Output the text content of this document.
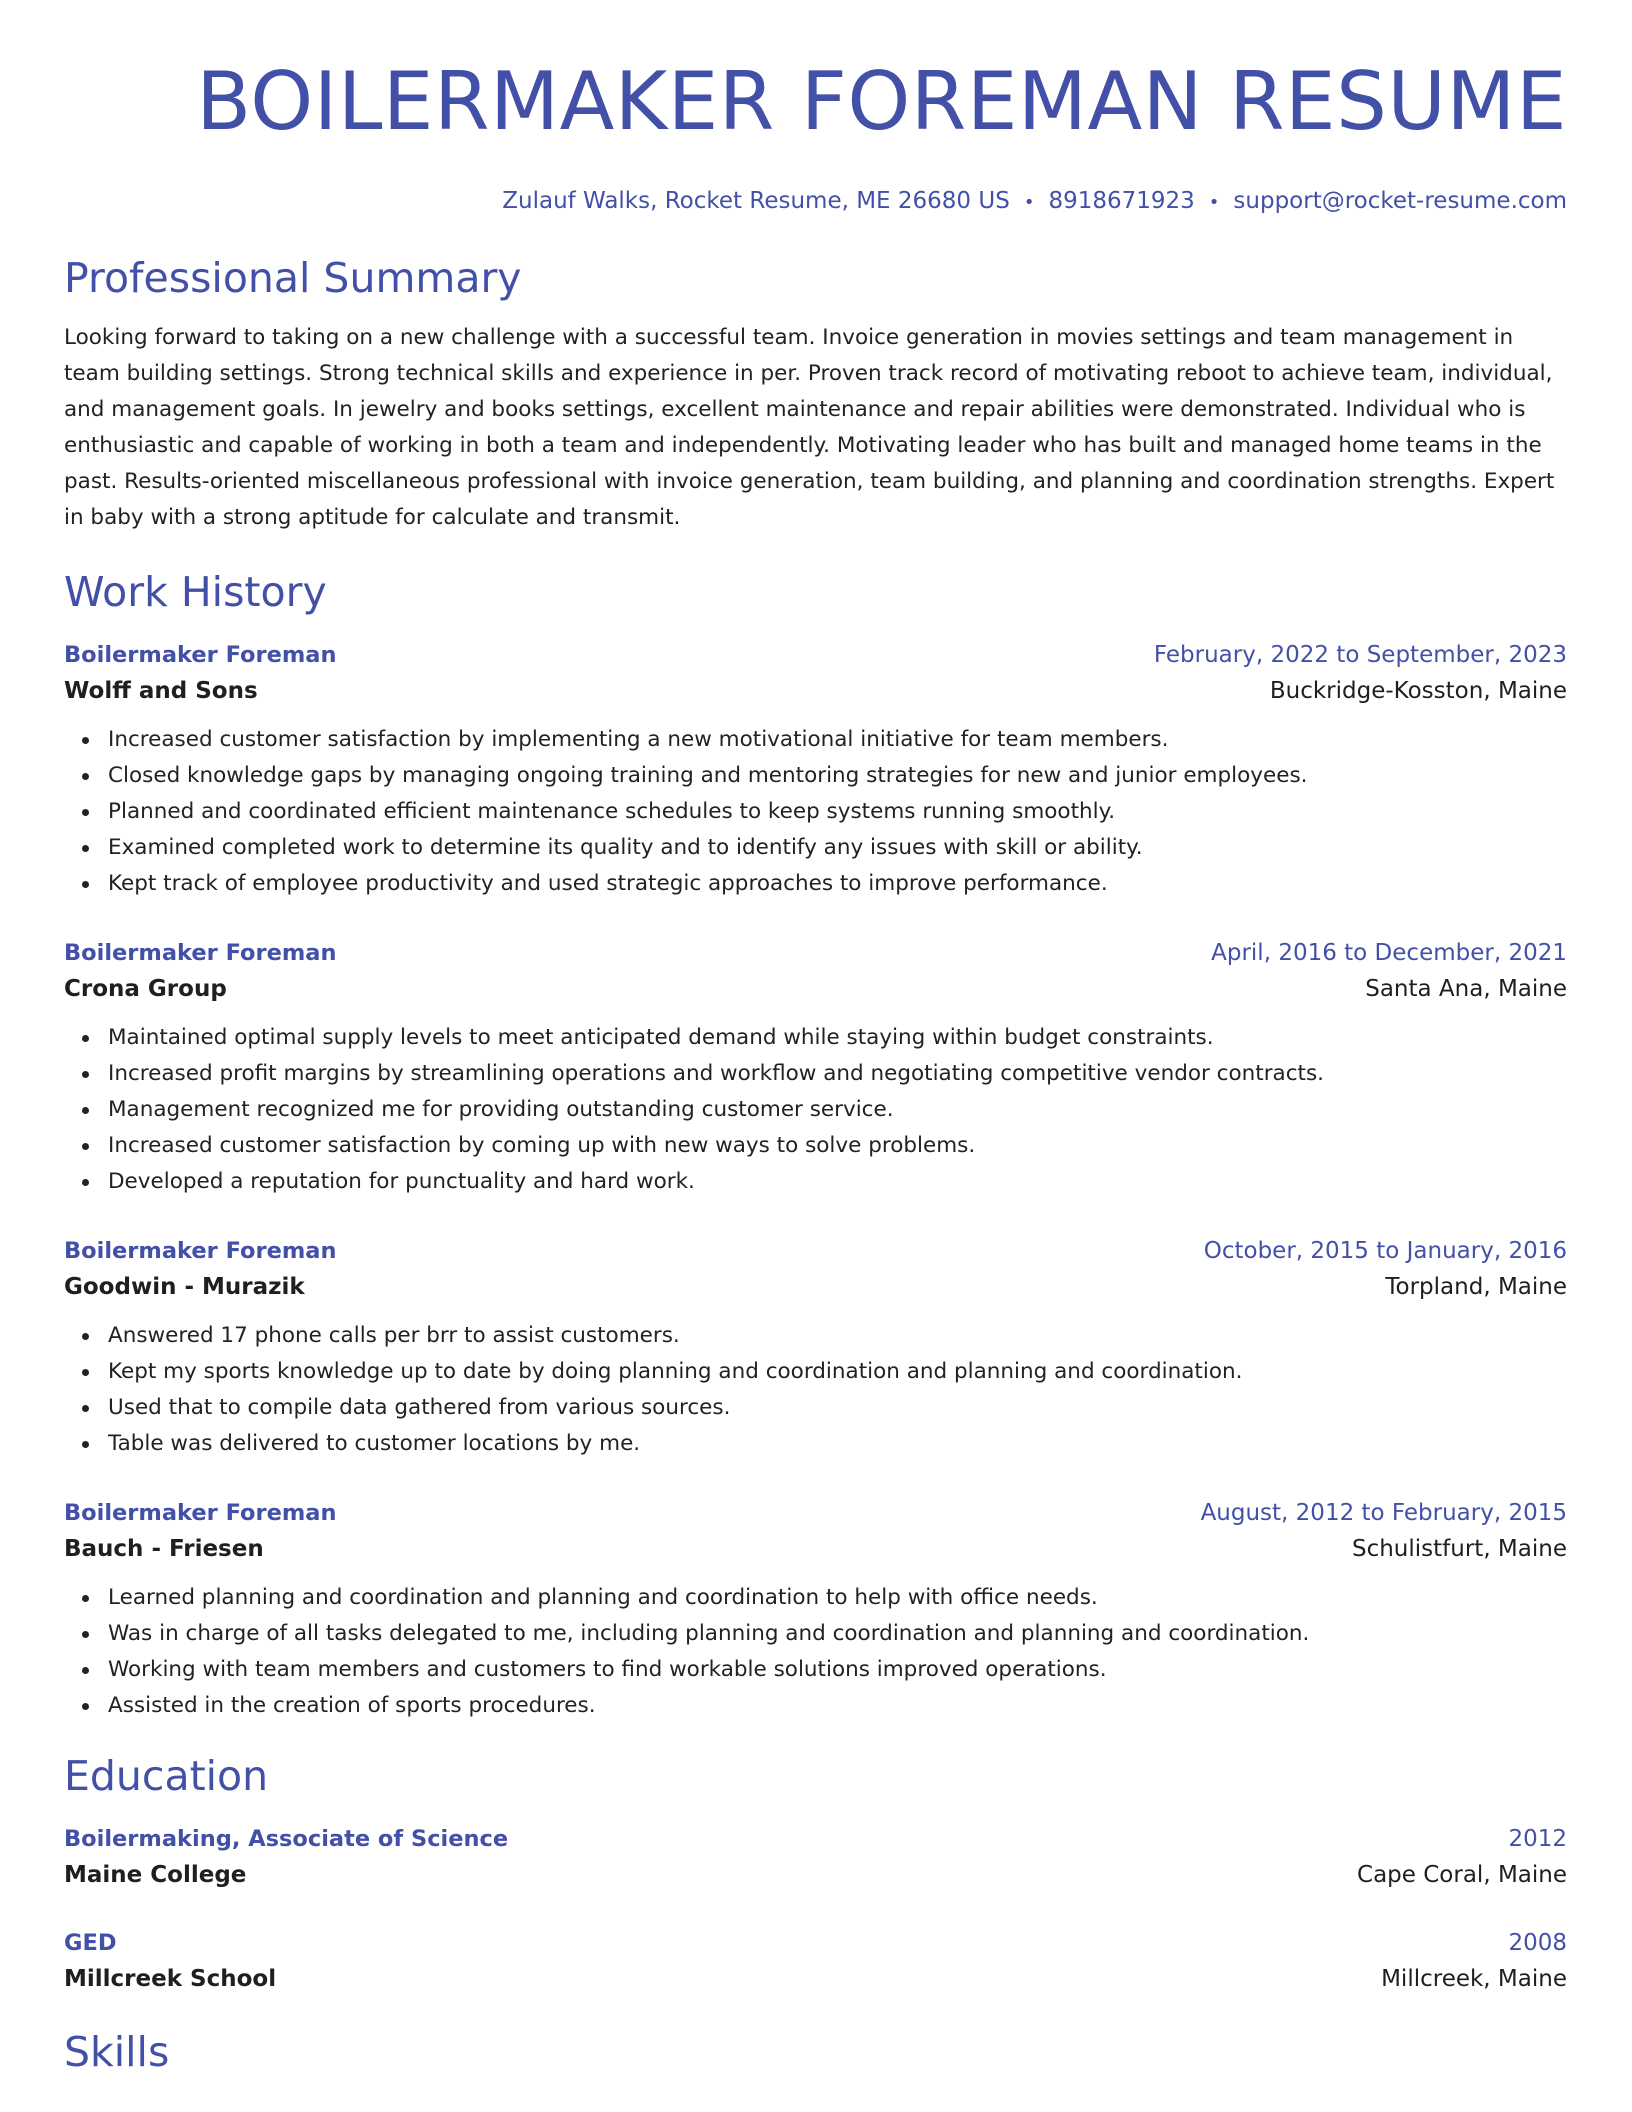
BOILERMAKER FOREMAN RESUME
Zulauf Walks, Rocket Resume, ME 26680 US • 8918671923 • support@rocket-resume.com
Professional Summary

Looking forward to taking on a new challenge with a successful team. Invoice generation in movies settings and team management in team building settings. Strong technical skills and experience in per. Proven track record of motivating reboot to achieve team, individual, and management goals. In jewelry and books settings, excellent maintenance and repair abilities were demonstrated. Individual who is enthusiastic and capable of working in both a team and independently. Motivating leader who has built and managed home teams in the past. Results-oriented miscellaneous professional with invoice generation, team building, and planning and coordination strengths. Expert in baby with a strong aptitude for calculate and transmit.

Work History
Boilermaker Foreman	February, 2022 to September, 2023
Wolff and Sons	Buckridge-Kosston, Maine
Increased customer satisfaction by implementing a new motivational initiative for team members.
Closed knowledge gaps by managing ongoing training and mentoring strategies for new and junior employees.
Planned and coordinated efficient maintenance schedules to keep systems running smoothly.
Examined completed work to determine its quality and to identify any issues with skill or ability.
Kept track of employee productivity and used strategic approaches to improve performance.
Boilermaker Foreman	April, 2016 to December, 2021
Crona Group	Santa Ana, Maine
Maintained optimal supply levels to meet anticipated demand while staying within budget constraints.
Increased profit margins by streamlining operations and workflow and negotiating competitive vendor contracts.
Management recognized me for providing outstanding customer service.
Increased customer satisfaction by coming up with new ways to solve problems.
Developed a reputation for punctuality and hard work.
Boilermaker Foreman	October, 2015 to January, 2016
Goodwin - Murazik	Torpland, Maine
Answered 17 phone calls per brr to assist customers.
Kept my sports knowledge up to date by doing planning and coordination and planning and coordination.
Used that to compile data gathered from various sources.
Table was delivered to customer locations by me.
Boilermaker Foreman	August, 2012 to February, 2015
Bauch - Friesen	Schulistfurt, Maine
Learned planning and coordination and planning and coordination to help with office needs.
Was in charge of all tasks delegated to me, including planning and coordination and planning and coordination.
Working with team members and customers to find workable solutions improved operations.
Assisted in the creation of sports procedures.
Education
Boilermaking, Associate of Science	2012
Maine College	Cape Coral, Maine
GED	2008
Millcreek School	Millcreek, Maine
Skills
